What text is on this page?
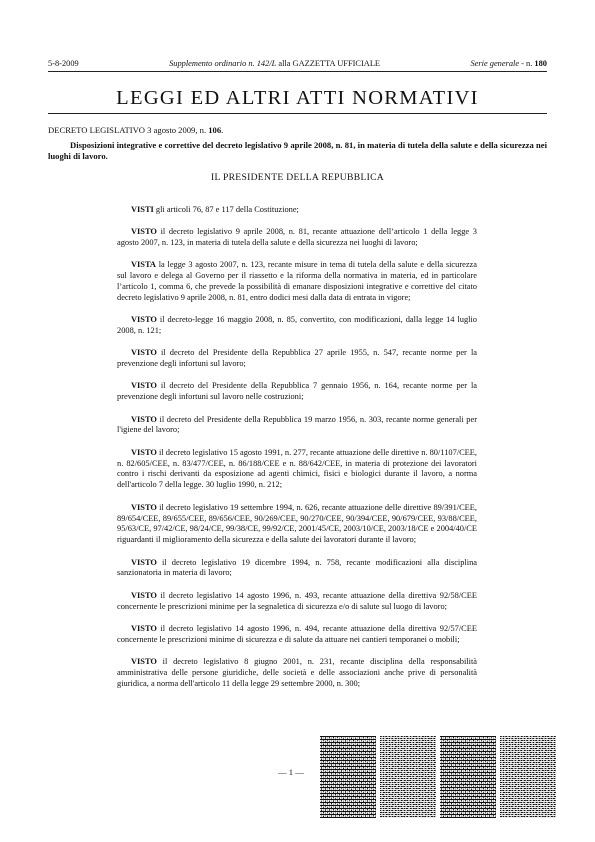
5-8-2009	Supplemento ordinario n. 142/L alla GAZZETTA UFFICIALE	Serie generale - n. 180
LEGGI ED ALTRI ATTI NORMATIVI
DECRETO LEGISLATIVO 3 agosto 2009, n. 106.
Disposizioni integrative e correttive del decreto legislativo 9 aprile 2008, n. 81, in materia di tutela della salute e della sicurezza nei luoghi di lavoro.
IL PRESIDENTE DELLA REPUBBLICA

VISTI gli articoli 76, 87 e 117 della Costituzione;

VISTO il decreto legislativo 9 aprile 2008, n. 81, recante attuazione dell’articolo 1 della legge 3 agosto 2007, n. 123, in materia di tutela della salute e della sicurezza nei luoghi di lavoro;

VISTA la legge 3 agosto 2007, n. 123, recante misure in tema di tutela della salute e della sicurezza sul lavoro e delega al Governo per il riassetto e la riforma della normativa in materia, ed in particolare l’articolo 1, comma 6, che prevede la possibilità di emanare disposizioni integrative e correttive del citato decreto legislativo 9 aprile 2008, n. 81, entro dodici mesi dalla data di entrata in vigore;

VISTO il decreto-legge 16 maggio 2008, n. 85, convertito, con modificazioni, dalla legge 14 luglio 2008, n. 121;

VISTO il decreto del Presidente della Repubblica 27 aprile 1955, n. 547, recante norme per la prevenzione degli infortuni sul lavoro;

VISTO il decreto del Presidente della Repubblica 7 gennaio 1956, n. 164, recante norme per la prevenzione degli infortuni sul lavoro nelle costruzioni;

VISTO il decreto del Presidente della Repubblica 19 marzo 1956, n. 303, recante norme generali per l'igiene del lavoro;

VISTO il decreto legislativo 15 agosto 1991, n. 277, recante attuazione delle direttive n. 80/1107/CEE, n. 82/605/CEE, n. 83/477/CEE, n. 86/188/CEE e n. 88/642/CEE, in materia di protezione dei lavoratori contro i rischi derivanti da esposizione ad agenti chimici, fisici e biologici durante il lavoro, a norma dell'articolo 7 della legge. 30 luglio 1990, n. 212;

VISTO il decreto legislativo 19 settembre 1994, n. 626, recante attuazione delle direttive 89/391/CEE, 89/654/CEE, 89/655/CEE, 89/656/CEE, 90/269/CEE, 90/270/CEE, 90/394/CEE, 90/679/CEE, 93/88/CEE, 95/63/CE, 97/42/CE, 98/24/CE, 99/38/CE, 99/92/CE, 2001/45/CE, 2003/10/CE, 2003/18/CE e 2004/40/CE riguardanti il miglioramento della sicurezza e della salute dei lavoratori durante il lavoro;

VISTO il decreto legislativo 19 dicembre 1994, n. 758, recante modificazioni alla disciplina sanzionatoria in materia di lavoro;

VISTO il decreto legislativo 14 agosto 1996, n. 493, recante attuazione della direttiva 92/58/CEE concernente le prescrizioni minime per la segnaletica di sicurezza e/o di salute sul luogo di lavoro;

VISTO il decreto legislativo 14 agosto 1996, n. 494, recante attuazione della direttiva 92/57/CEE concernente le prescrizioni minime di sicurezza e di salute da attuare nei cantieri temporanei o mobili;

VISTO il decreto legislativo 8 giugno 2001, n. 231, recante disciplina della responsabilità amministrativa delle persone giuridiche, delle società e delle associazioni anche prive di personalità giuridica, a norma dell'articolo 11 della legge 29 settembre 2000, n. 300;

— 1 —
